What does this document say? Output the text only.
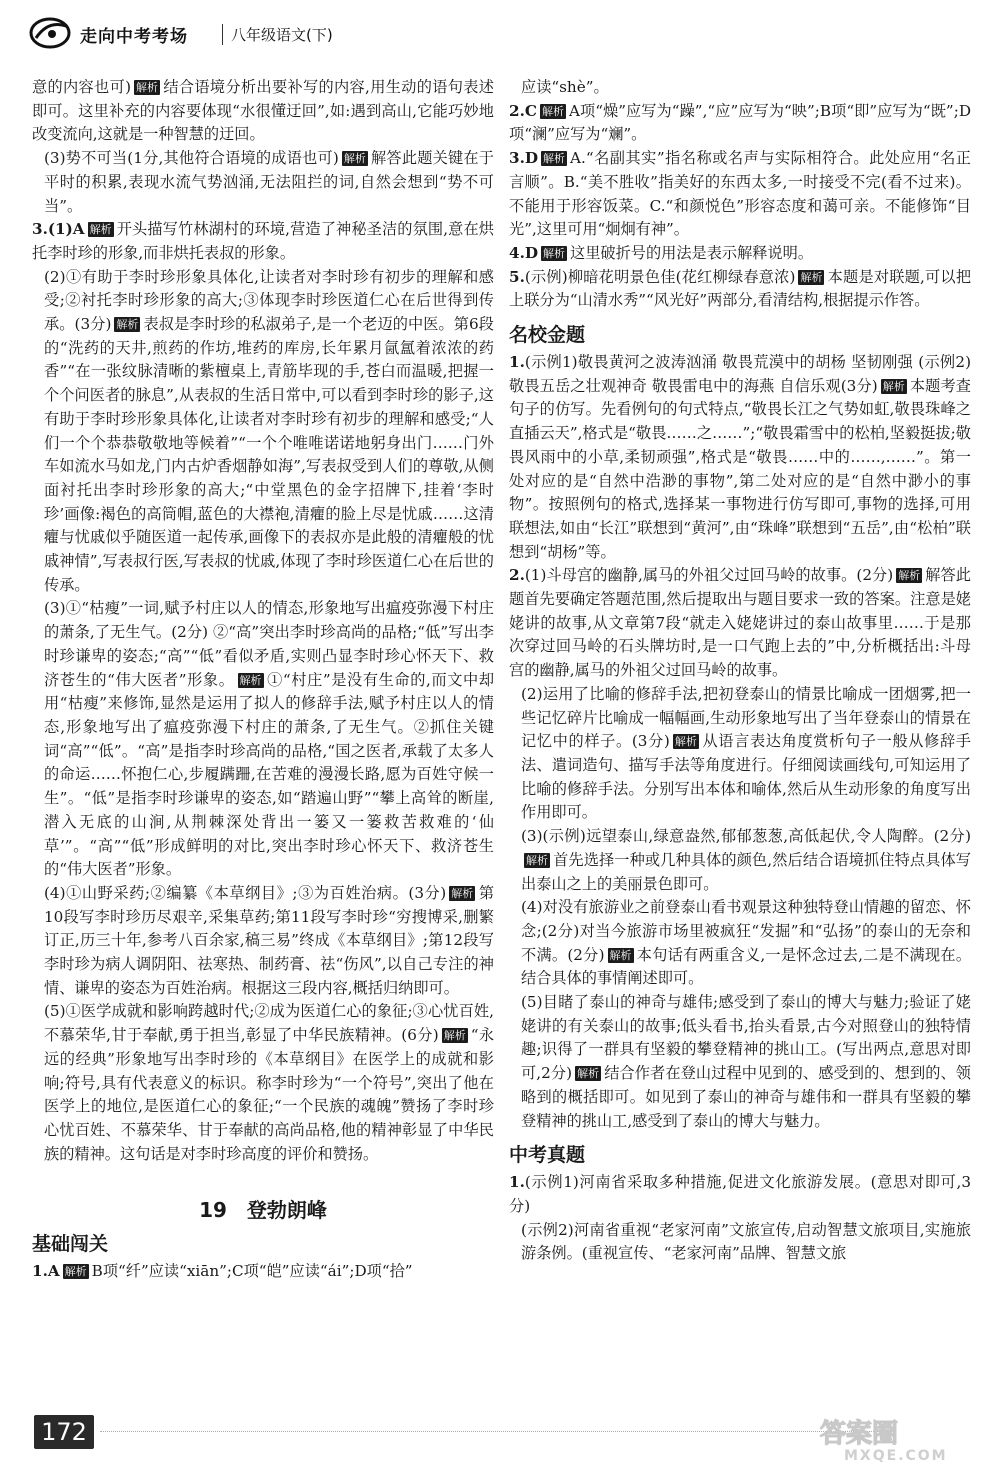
走向中考考场	八年级语文(下)

意的内容也可) 解析 结合语境分析出要补写的内容,用生动的语句表述即可。这里补充的内容要体现“水很懂迂回”,如:遇到高山,它能巧妙地改变流向,这就是一种智慧的迂回。

(3)势不可当(1分,其他符合语境的成语也可) 解析 解答此题关键在于平时的积累,表现水流气势汹涌,无法阻拦的词,自然会想到“势不可当”。

3.(1)A 解析 开头描写竹林湖村的环境,营造了神秘圣洁的氛围,意在烘托李时珍的形象,而非烘托表叔的形象。

(2)①有助于李时珍形象具体化,让读者对李时珍有初步的理解和感受;②衬托李时珍形象的高大;③体现李时珍医道仁心在后世得到传承。(3分) 解析 表叔是李时珍的私淑弟子,是一个老迈的中医。第6段的“洗药的天井,煎药的作坊,堆药的库房,长年累月氤氲着浓浓的药香”“在一张纹脉清晰的紫檀桌上,青筋毕现的手,苍白而温暖,把握一个个问医者的脉息”,从表叔的生活日常中,可以看到李时珍的影子,这有助于李时珍形象具体化,让读者对李时珍有初步的理解和感受;“人们一个个恭恭敬敬地等候着”“一个个唯唯诺诺地躬身出门……门外车如流水马如龙,门内古炉香烟静如海”,写表叔受到人们的尊敬,从侧面衬托出李时珍形象的高大;“中堂黑色的金字招牌下,挂着‘李时珍’画像:褐色的高筒帽,蓝色的大襟袍,清癯的脸上尽是忧戚……这清癯与忧戚似乎随医道一起传承,画像下的表叔亦是此般的清癯般的忧戚神情”,写表叔行医,写表叔的忧戚,体现了李时珍医道仁心在后世的传承。

(3)①“枯瘦”一词,赋予村庄以人的情态,形象地写出瘟疫弥漫下村庄的萧条,了无生气。(2分) ②“高”突出李时珍高尚的品格;“低”写出李时珍谦卑的姿态;“高”“低”看似矛盾,实则凸显李时珍心怀天下、救济苍生的“伟大医者”形象。 解析 ①“村庄”是没有生命的,而文中却用“枯瘦”来修饰,显然是运用了拟人的修辞手法,赋予村庄以人的情态,形象地写出了瘟疫弥漫下村庄的萧条,了无生气。②抓住关键词“高”“低”。“高”是指李时珍高尚的品格,“国之医者,承载了太多人的命运……怀抱仁心,步履蹒跚,在苦难的漫漫长路,愿为百姓守候一生”。“低”是指李时珍谦卑的姿态,如“踏遍山野”“攀上高耸的断崖,潜入无底的山涧,从荆棘深处背出一篓又一篓救苦救难的‘仙草’”。“高”“低”形成鲜明的对比,突出李时珍心怀天下、救济苍生的“伟大医者”形象。

(4)①山野采药;②编纂《本草纲目》;③为百姓治病。(3分) 解析 第10段写李时珍历尽艰辛,采集草药;第11段写李时珍“穷搜博采,删繁订正,历三十年,参考八百余家,稿三易”终成《本草纲目》;第12段写李时珍为病人调阴阳、祛寒热、制药膏、祛“伤风”,以自己专注的神情、谦卑的姿态为百姓治病。根据这三段内容,概括归纳即可。

(5)①医学成就和影响跨越时代;②成为医道仁心的象征;③心忧百姓,不慕荣华,甘于奉献,勇于担当,彰显了中华民族精神。(6分) 解析 “永远的经典”形象地写出李时珍的《本草纲目》在医学上的成就和影响;符号,具有代表意义的标识。称李时珍为“一个符号”,突出了他在医学上的地位,是医道仁心的象征;“一个民族的魂魄”赞扬了李时珍心忧百姓、不慕荣华、甘于奉献的高尚品格,他的精神彰显了中华民族的精神。这句话是对李时珍高度的评价和赞扬。

19 登勃朗峰
基础闯关

1.A 解析 B项“纤”应读“xiān”;C项“皑”应读“ái”;D项“拾”

应读“shè”。

2.C 解析 A项“燥”应写为“躁”,“应”应写为“映”;B项“即”应写为“既”;D项“澜”应写为“斓”。

3.D 解析 A.“名副其实”指名称或名声与实际相符合。此处应用“名正言顺”。B.“美不胜收”指美好的东西太多,一时接受不完(看不过来)。不能用于形容饭菜。C.“和颜悦色”形容态度和蔼可亲。不能修饰“目光”,这里可用“炯炯有神”。

4.D 解析 这里破折号的用法是表示解释说明。

5.(示例)柳暗花明景色佳(花红柳绿春意浓) 解析 本题是对联题,可以把上联分为“山清水秀”“风光好”两部分,看清结构,根据提示作答。

名校金题

1.(示例1)敬畏黄河之波涛汹涌 敬畏荒漠中的胡杨 坚韧刚强 (示例2)敬畏五岳之壮观神奇 敬畏雷电中的海燕 自信乐观(3分) 解析 本题考查句子的仿写。先看例句的句式特点,“敬畏长江之气势如虹,敬畏珠峰之直插云天”,格式是“敬畏……之……”;“敬畏霜雪中的松柏,坚毅挺拔;敬畏风雨中的小草,柔韧顽强”,格式是“敬畏……中的……,……”。第一处对应的是“自然中浩渺的事物”,第二处对应的是“自然中渺小的事物”。按照例句的格式,选择某一事物进行仿写即可,事物的选择,可用联想法,如由“长江”联想到“黄河”,由“珠峰”联想到“五岳”,由“松柏”联想到“胡杨”等。

2.(1)斗母宫的幽静,属马的外祖父过回马岭的故事。(2分) 解析 解答此题首先要确定答题范围,然后提取出与题目要求一致的答案。注意是姥姥讲的故事,从文章第7段“就走入姥姥讲过的泰山故事里……于是那次穿过回马岭的石头牌坊时,是一口气跑上去的”中,分析概括出:斗母宫的幽静,属马的外祖父过回马岭的故事。

(2)运用了比喻的修辞手法,把初登泰山的情景比喻成一团烟雾,把一些记忆碎片比喻成一幅幅画,生动形象地写出了当年登泰山的情景在记忆中的样子。(3分) 解析 从语言表达角度赏析句子一般从修辞手法、遣词造句、描写手法等角度进行。仔细阅读画线句,可知运用了比喻的修辞手法。分别写出本体和喻体,然后从生动形象的角度写出作用即可。

(3)(示例)远望泰山,绿意盎然,郁郁葱葱,高低起伏,令人陶醉。(2分)解析 首先选择一种或几种具体的颜色,然后结合语境抓住特点具体写出泰山之上的美丽景色即可。

(4)对没有旅游业之前登泰山看书观景这种独特登山情趣的留恋、怀念;(2分)对当今旅游市场里被疯狂“发掘”和“弘扬”的泰山的无奈和不满。(2分) 解析 本句话有两重含义,一是怀念过去,二是不满现在。结合具体的事情阐述即可。

(5)目睹了泰山的神奇与雄伟;感受到了泰山的博大与魅力;验证了姥姥讲的有关泰山的故事;低头看书,抬头看景,古今对照登山的独特情趣;识得了一群具有坚毅的攀登精神的挑山工。(写出两点,意思对即可,2分) 解析 结合作者在登山过程中见到的、感受到的、想到的、领略到的概括即可。如见到了泰山的神奇与雄伟和一群具有坚毅的攀登精神的挑山工,感受到了泰山的博大与魅力。

中考真题

1.(示例1)河南省采取多种措施,促进文化旅游发展。(意思对即可,3分)

(示例2)河南省重视“老家河南”文旅宣传,启动智慧文旅项目,实施旅游条例。(重视宣传、“老家河南”品牌、智慧文旅

172	答案圈
MXQE.COM
